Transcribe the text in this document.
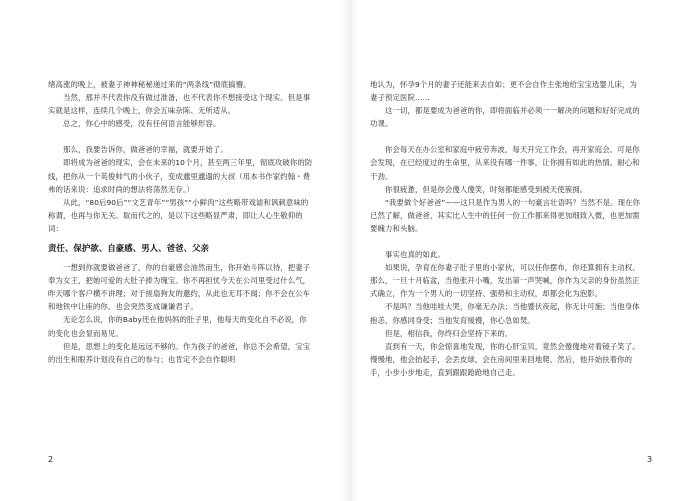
绪高涨的晚上，被妻子神神秘秘递过来的“两条线”彻底搞懵。

当然，那并不代表你没有做过准备，也不代表你不想接受这个现实。但是事实就是这样，连续几个晚上，你会五味杂陈、无所适从。

总之，你心中的感受，没有任何语言能够形容。

那么，我要告诉你，做爸爸的幸福，就要开始了。

即将成为爸爸的现实，会在未来的10个月，甚至两三年里，彻底攻破你的防线，把你从一个英俊帅气的小伙子，变成邋里邋遢的大叔（用本书作家约翰・费弗的话来说：追求时尚的想法将荡然无存。）

从此，“80后90后”“文艺青年”“男孩”“小鲜肉”这些略带戏谑和讽刺意味的称谓，也再与你无关。取而代之的，是以下这些略显严肃，即让人心生敬仰的词：

责任、保护欲、自豪感、男人、爸爸、父亲

一想到你就要做爸爸了，你的自豪感会油然而生，你开始斗阵以待，把妻子奉为女王，把她可爱的大肚子捧为瑰宝。你不再担忧今天在公司里受过什么气，昨天哪个客户横不讲理；对于搓扇狗友的邀约，从此也无耳不闻；你不会在公车和地铁中让座的你，也会突然变成谦谦君子。

无论怎么说，你的Baby还在他妈妈的肚子里，他每天的变化自不必说，你的变化也会显而易见。

但是，思想上的变化是远远不够的。作为孩子的爸爸，你总不会希望，宝宝的出生和眼养计划没有自己的参与；也肯定不会自作聪明

2

地认为，怀孕9个月的妻子还能来去自如；更不会自作主张地给宝宝选婴儿床，为妻子预定医院……

这一切，都是要成为爸爸的你，即将面临并必须一一解决的问题和好好完成的功课。

你会每天在办公室和家庭中疲劳奔波，每天开完工作会，再开家庭会。可是你会发现，在已经度过的生命里，从来没有哪一件事，让你拥有如此的热情、耐心和干劲。

你很疲惫，但是你会傻人傻笑，时刻都能感受到被天使簇拥。

“我要做个好爸爸”——这只是作为男人的一句豪言壮语吗？当然不是。现在你已然了解，做爸爸，其实比人生中的任何一份工作都来得更加细致入微，也更加需要魄力和头脑。

事实也真的如此。

如果说，孕育在你妻子肚子里的小家伙，可以任你摆布，你还算拥有主动权。那么，一旦十月临盆，当他张开小嘴，发出第一声哭喊，你作为父亲的身份虽然正式确立，作为一个男人的一切坚持、强势和主动权，却都会化为泡影。

不是吗？当他哇哇大哭，你毫无办法；当他蹙伏夜起，你无计可施；当他身体抱恙，你感同身受；当他发育缓慢，你心急如焚。

但是，相信我，你终归会坚持下来的。

直到有一天，你会惊喜地发现，你的心肝宝贝，竟然会傻傻地对着镜子笑了。慢慢地，他会抬起手，会丢皮球，会在房间里来回地爬，然后，他开始扶着你的手，小步小步地走，直到跟跟跄跄地自己走。

3
